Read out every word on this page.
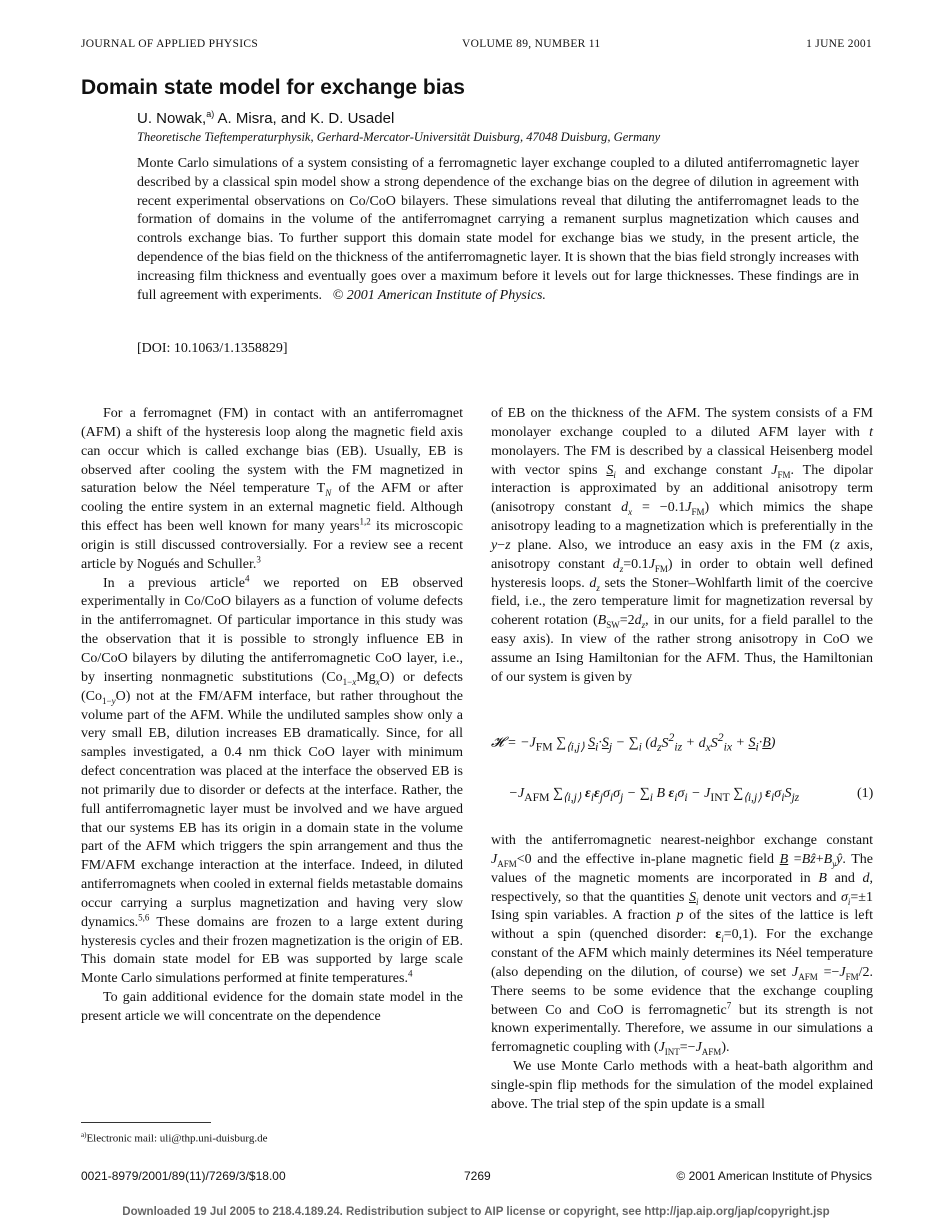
JOURNAL OF APPLIED PHYSICS	VOLUME 89, NUMBER 11	1 JUNE 2001
Domain state model for exchange bias
U. Nowak,$^{a)}$ A. Misra, and K. D. Usadel
Theoretische Tieftemperaturphysik, Gerhard-Mercator-Universität Duisburg, 47048 Duisburg, Germany

Monte Carlo simulations of a system consisting of a ferromagnetic layer exchange coupled to a diluted antiferromagnetic layer described by a classical spin model show a strong dependence of the exchange bias on the degree of dilution in agreement with recent experimental observations on Co/CoO bilayers. These simulations reveal that diluting the antiferromagnet leads to the formation of domains in the volume of the antiferromagnet carrying a remanent surplus magnetization which causes and controls exchange bias. To further support this domain state model for exchange bias we study, in the present article, the dependence of the bias field on the thickness of the antiferromagnetic layer. It is shown that the bias field strongly increases with increasing film thickness and eventually goes over a maximum before it levels out for large thicknesses. These findings are in full agreement with experiments. © 2001 American Institute of Physics.

[DOI: 10.1063/1.1358829]

For a ferromagnet (FM) in contact with an antiferromagnet (AFM) a shift of the hysteresis loop along the magnetic field axis can occur which is called exchange bias (EB). Usually, EB is observed after cooling the system with the FM magnetized in saturation below the Néel temperature $T_N$ of the AFM or after cooling the entire system in an external magnetic field. Although this effect has been well known for many years$^{1,2}$ its microscopic origin is still discussed controversially. For a review see a recent article by Nogués and Schuller.$^3$

In a previous article$^4$ we reported on EB observed experimentally in Co/CoO bilayers as a function of volume defects in the antiferromagnet. Of particular importance in this study was the observation that it is possible to strongly influence EB in Co/CoO bilayers by diluting the antiferromagnetic CoO layer, i.e., by inserting nonmagnetic substitutions $(Co_{1-x}Mg_xO)$ or defects $(Co_{1-y}O)$ not at the FM/AFM interface, but rather throughout the volume part of the AFM. While the undiluted samples show only a very small EB, dilution increases EB dramatically. Since, for all samples investigated, a 0.4 nm thick CoO layer with minimum defect concentration was placed at the interface the observed EB is not primarily due to disorder or defects at the interface. Rather, the full antiferromagnetic layer must be involved and we have argued that our systems EB has its origin in a domain state in the volume part of the AFM which triggers the spin arrangement and thus the FM/AFM exchange interaction at the interface. Indeed, in diluted antiferromagnets when cooled in external fields metastable domains occur carrying a surplus magnetization and having very slow dynamics.$^{5,6}$ These domains are frozen to a large extent during hysteresis cycles and their frozen magnetization is the origin of EB. This domain state model for EB was supported by large scale Monte Carlo simulations performed at finite temperatures.$^4$

To gain additional evidence for the domain state model in the present article we will concentrate on the dependence

of EB on the thickness of the AFM. The system consists of a FM monolayer exchange coupled to a diluted AFM layer with t monolayers. The FM is described by a classical Heisenberg model with vector spins $S_i$ and exchange constant $J_{FM}$. The dipolar interaction is approximated by an additional anisotropy term (anisotropy constant $d_x = -0.1J_{FM}$) which mimics the shape anisotropy leading to a magnetization which is preferentially in the y−z plane. Also, we introduce an easy axis in the FM (z axis, anisotropy constant $d_z=0.1J_{FM}$) in order to obtain well defined hysteresis loops. $d_z$ sets the Stoner–Wohlfarth limit of the coercive field, i.e., the zero temperature limit for magnetization reversal by coherent rotation ($B_{SW}=2d_z$, in our units, for a field parallel to the easy axis). In view of the rather strong anisotropy in CoO we assume an Ising Hamiltonian for the AFM. Thus, the Hamiltonian of our system is given by

𝓗 = $-J_{FM}$ $\sum_{⟨i,j⟩}$ $S_i\cdot S_j - \sum_i$ $(d_zS^2_{iz} + d_xS^2_{ix} + S_i\cdot B)$
$-J_{AFM}$ $\sum_{⟨i,j⟩}$ $\varepsilon_i\varepsilon_j\sigma_i\sigma_j - \sum_i$ B $\varepsilon_i\sigma_i - J_{INT}$ $\sum_{⟨i,j⟩}$ $\varepsilon_i\sigma_iS_{jz}$	(1)

with the antiferromagnetic nearest-neighbor exchange constant $J_{AFM}<0$ and the effective in-plane magnetic field $B =Bẑ+B_yŷ$. The values of the magnetic moments are incorporated in B and d, respectively, so that the quantities $S_i$ denote unit vectors and $\sigma_i=\pm 1$ Ising spin variables. A fraction p of the sites of the lattice is left without a spin (quenched disorder: $\varepsilon_i=0,1$). For the exchange constant of the AFM which mainly determines its Néel temperature (also depending on the dilution, of course) we set $J_{AFM} =-J_{FM}/2$. There seems to be some evidence that the exchange coupling between Co and CoO is ferromagnetic$^7$ but its strength is not known experimentally. Therefore, we assume in our simulations a ferromagnetic coupling with $(J_{INT}=-J_{AFM})$.

We use Monte Carlo methods with a heat-bath algorithm and single-spin flip methods for the simulation of the model explained above. The trial step of the spin update is a small

$^{a)}$Electronic mail: uli@thp.uni-duisburg.de
0021-8979/2001/89(11)/7269/3/$18.00	7269	© 2001 American Institute of Physics
Downloaded 19 Jul 2005 to 218.4.189.24. Redistribution subject to AIP license or copyright, see http://jap.aip.org/jap/copyright.jsp
